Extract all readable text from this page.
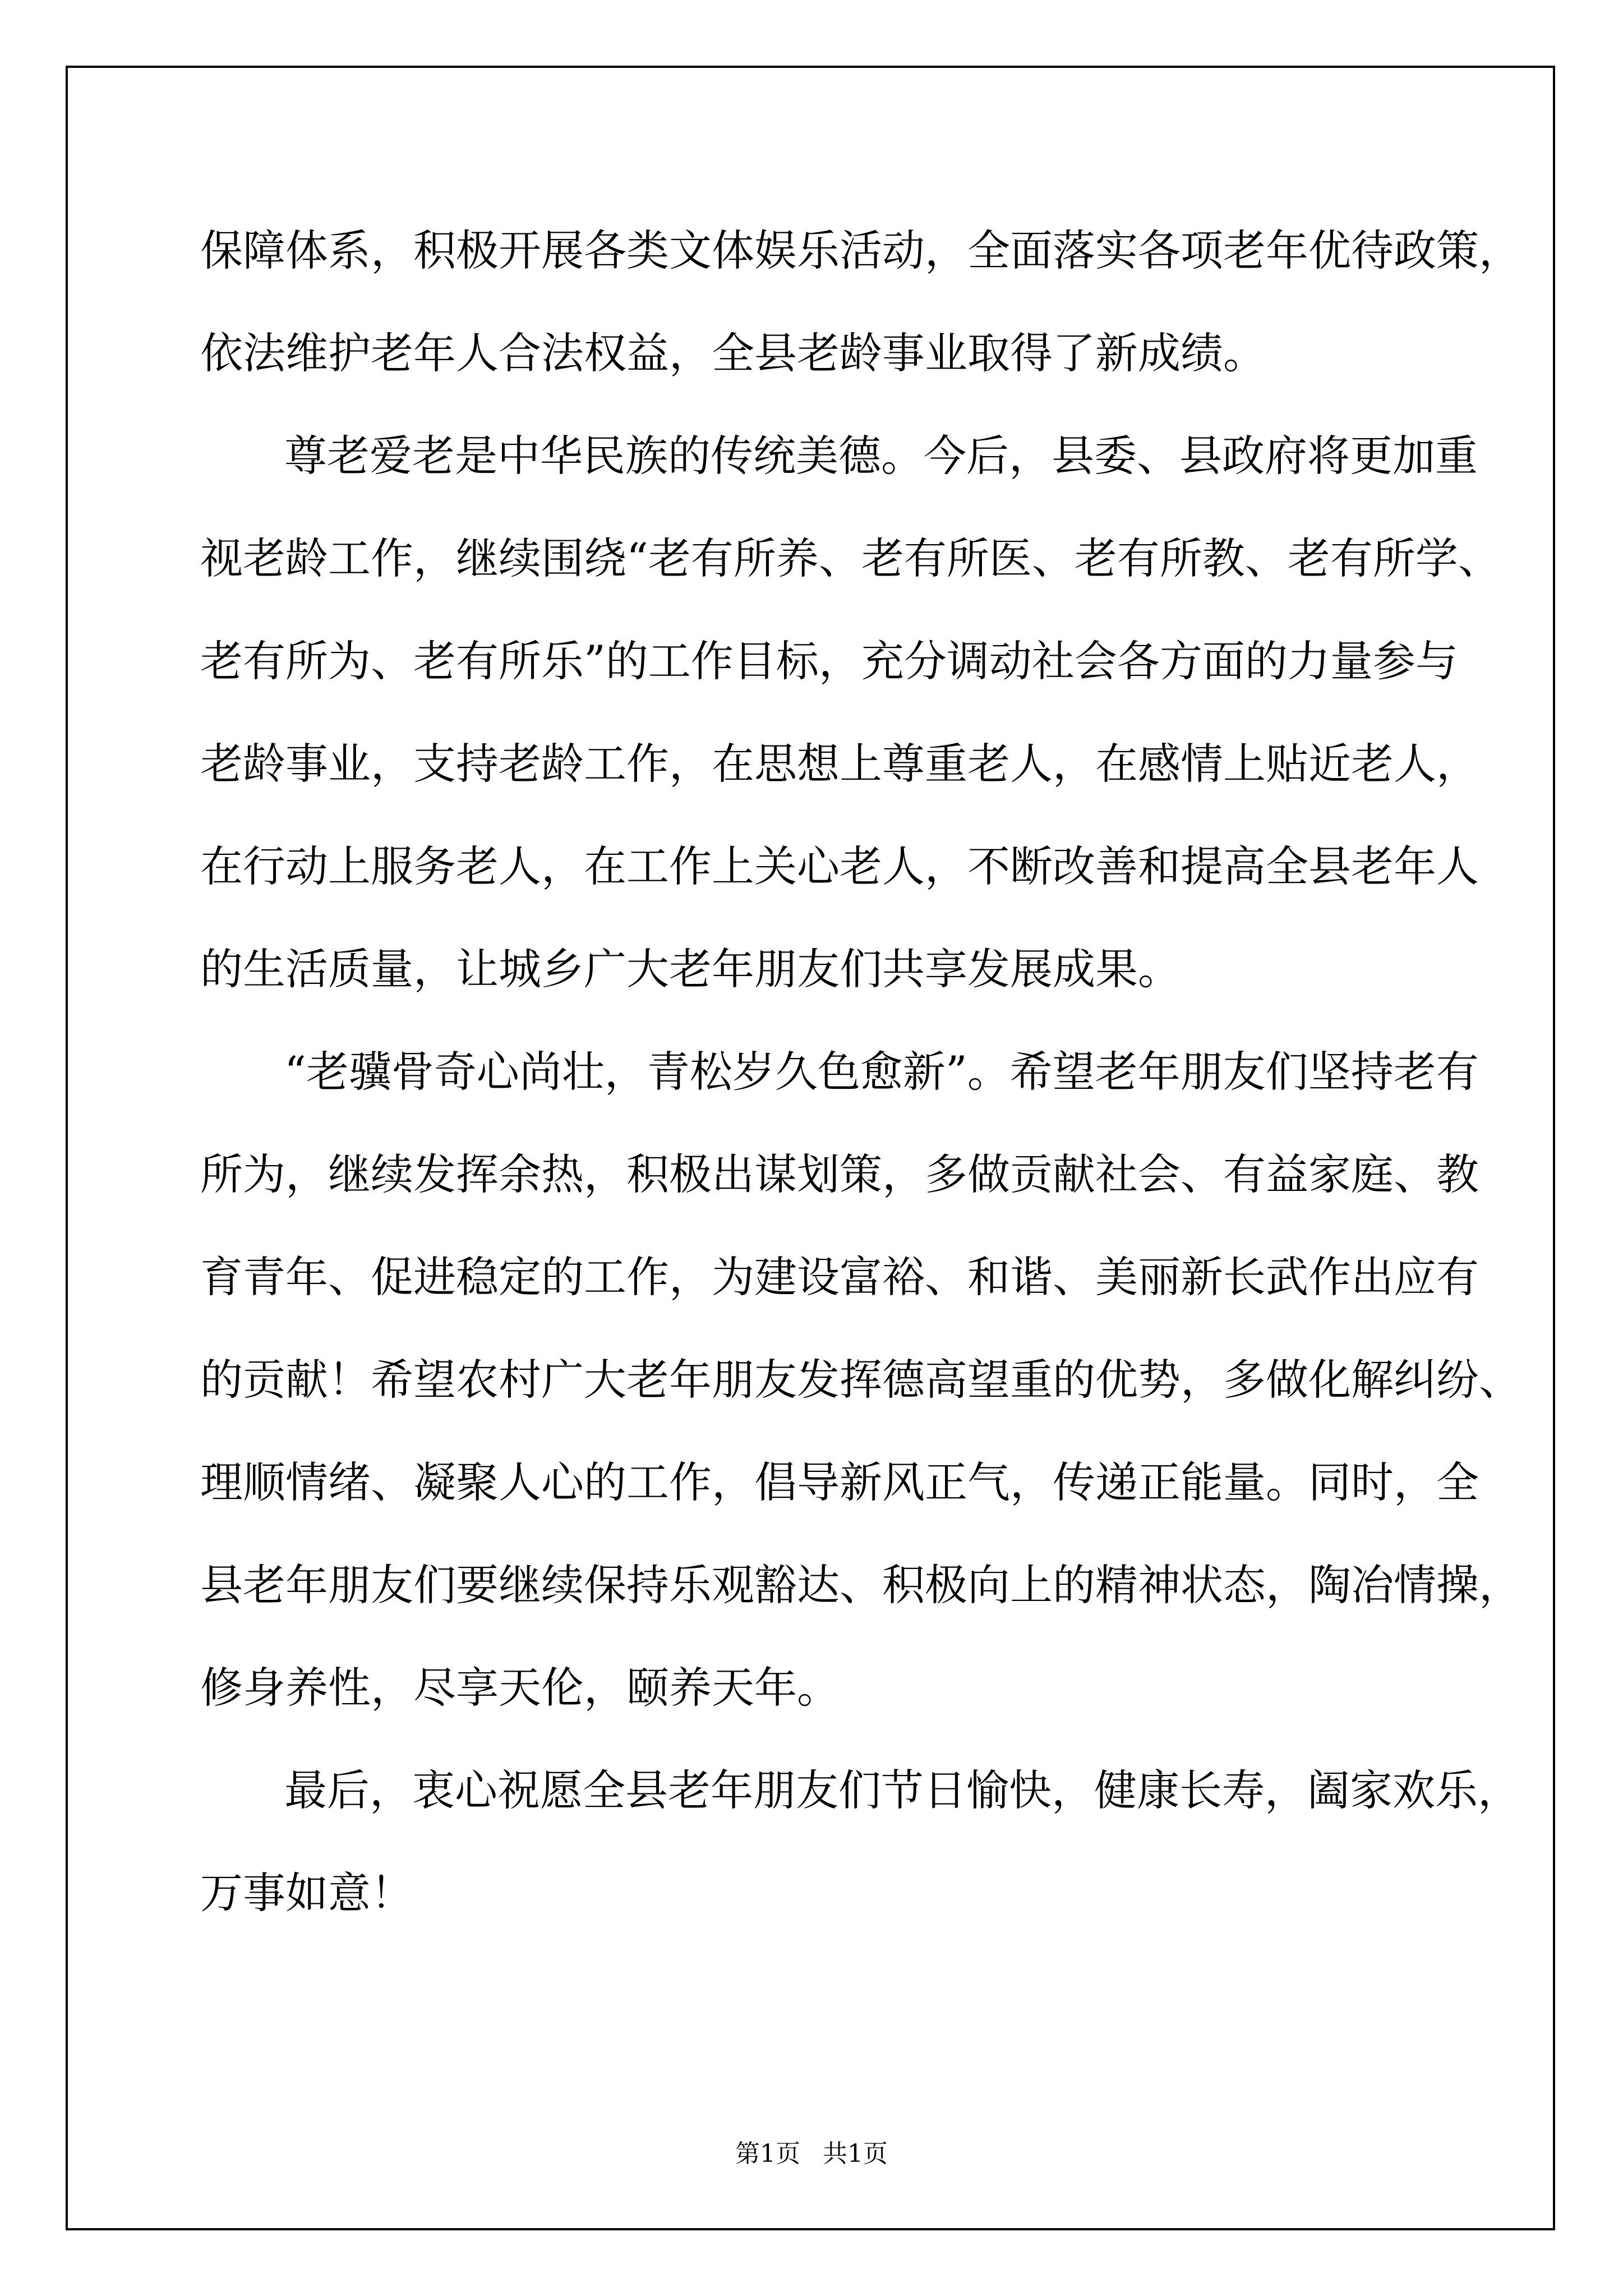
保障体系，积极开展各类文体娱乐活动，全面落实各项老年优待政策，
依法维护老年人合法权益，全县老龄事业取得了新成绩。
尊老爱老是中华民族的传统美德。今后，县委、县政府将更加重
视老龄工作，继续围绕“老有所养、老有所医、老有所教、老有所学、
老有所为、老有所乐”的工作目标，充分调动社会各方面的力量参与
老龄事业，支持老龄工作，在思想上尊重老人，在感情上贴近老人，
在行动上服务老人，在工作上关心老人，不断改善和提高全县老年人
的生活质量，让城乡广大老年朋友们共享发展成果。
“老骥骨奇心尚壮，青松岁久色愈新”。希望老年朋友们坚持老有
所为，继续发挥余热，积极出谋划策，多做贡献社会、有益家庭、教
育青年、促进稳定的工作，为建设富裕、和谐、美丽新长武作出应有
的贡献！希望农村广大老年朋友发挥德高望重的优势，多做化解纠纷、
理顺情绪、凝聚人心的工作，倡导新风正气，传递正能量。同时，全
县老年朋友们要继续保持乐观豁达、积极向上的精神状态，陶冶情操，
修身养性，尽享天伦，颐养天年。
最后，衷心祝愿全县老年朋友们节日愉快，健康长寿，阖家欢乐，
万事如意！
第1页 共1页
